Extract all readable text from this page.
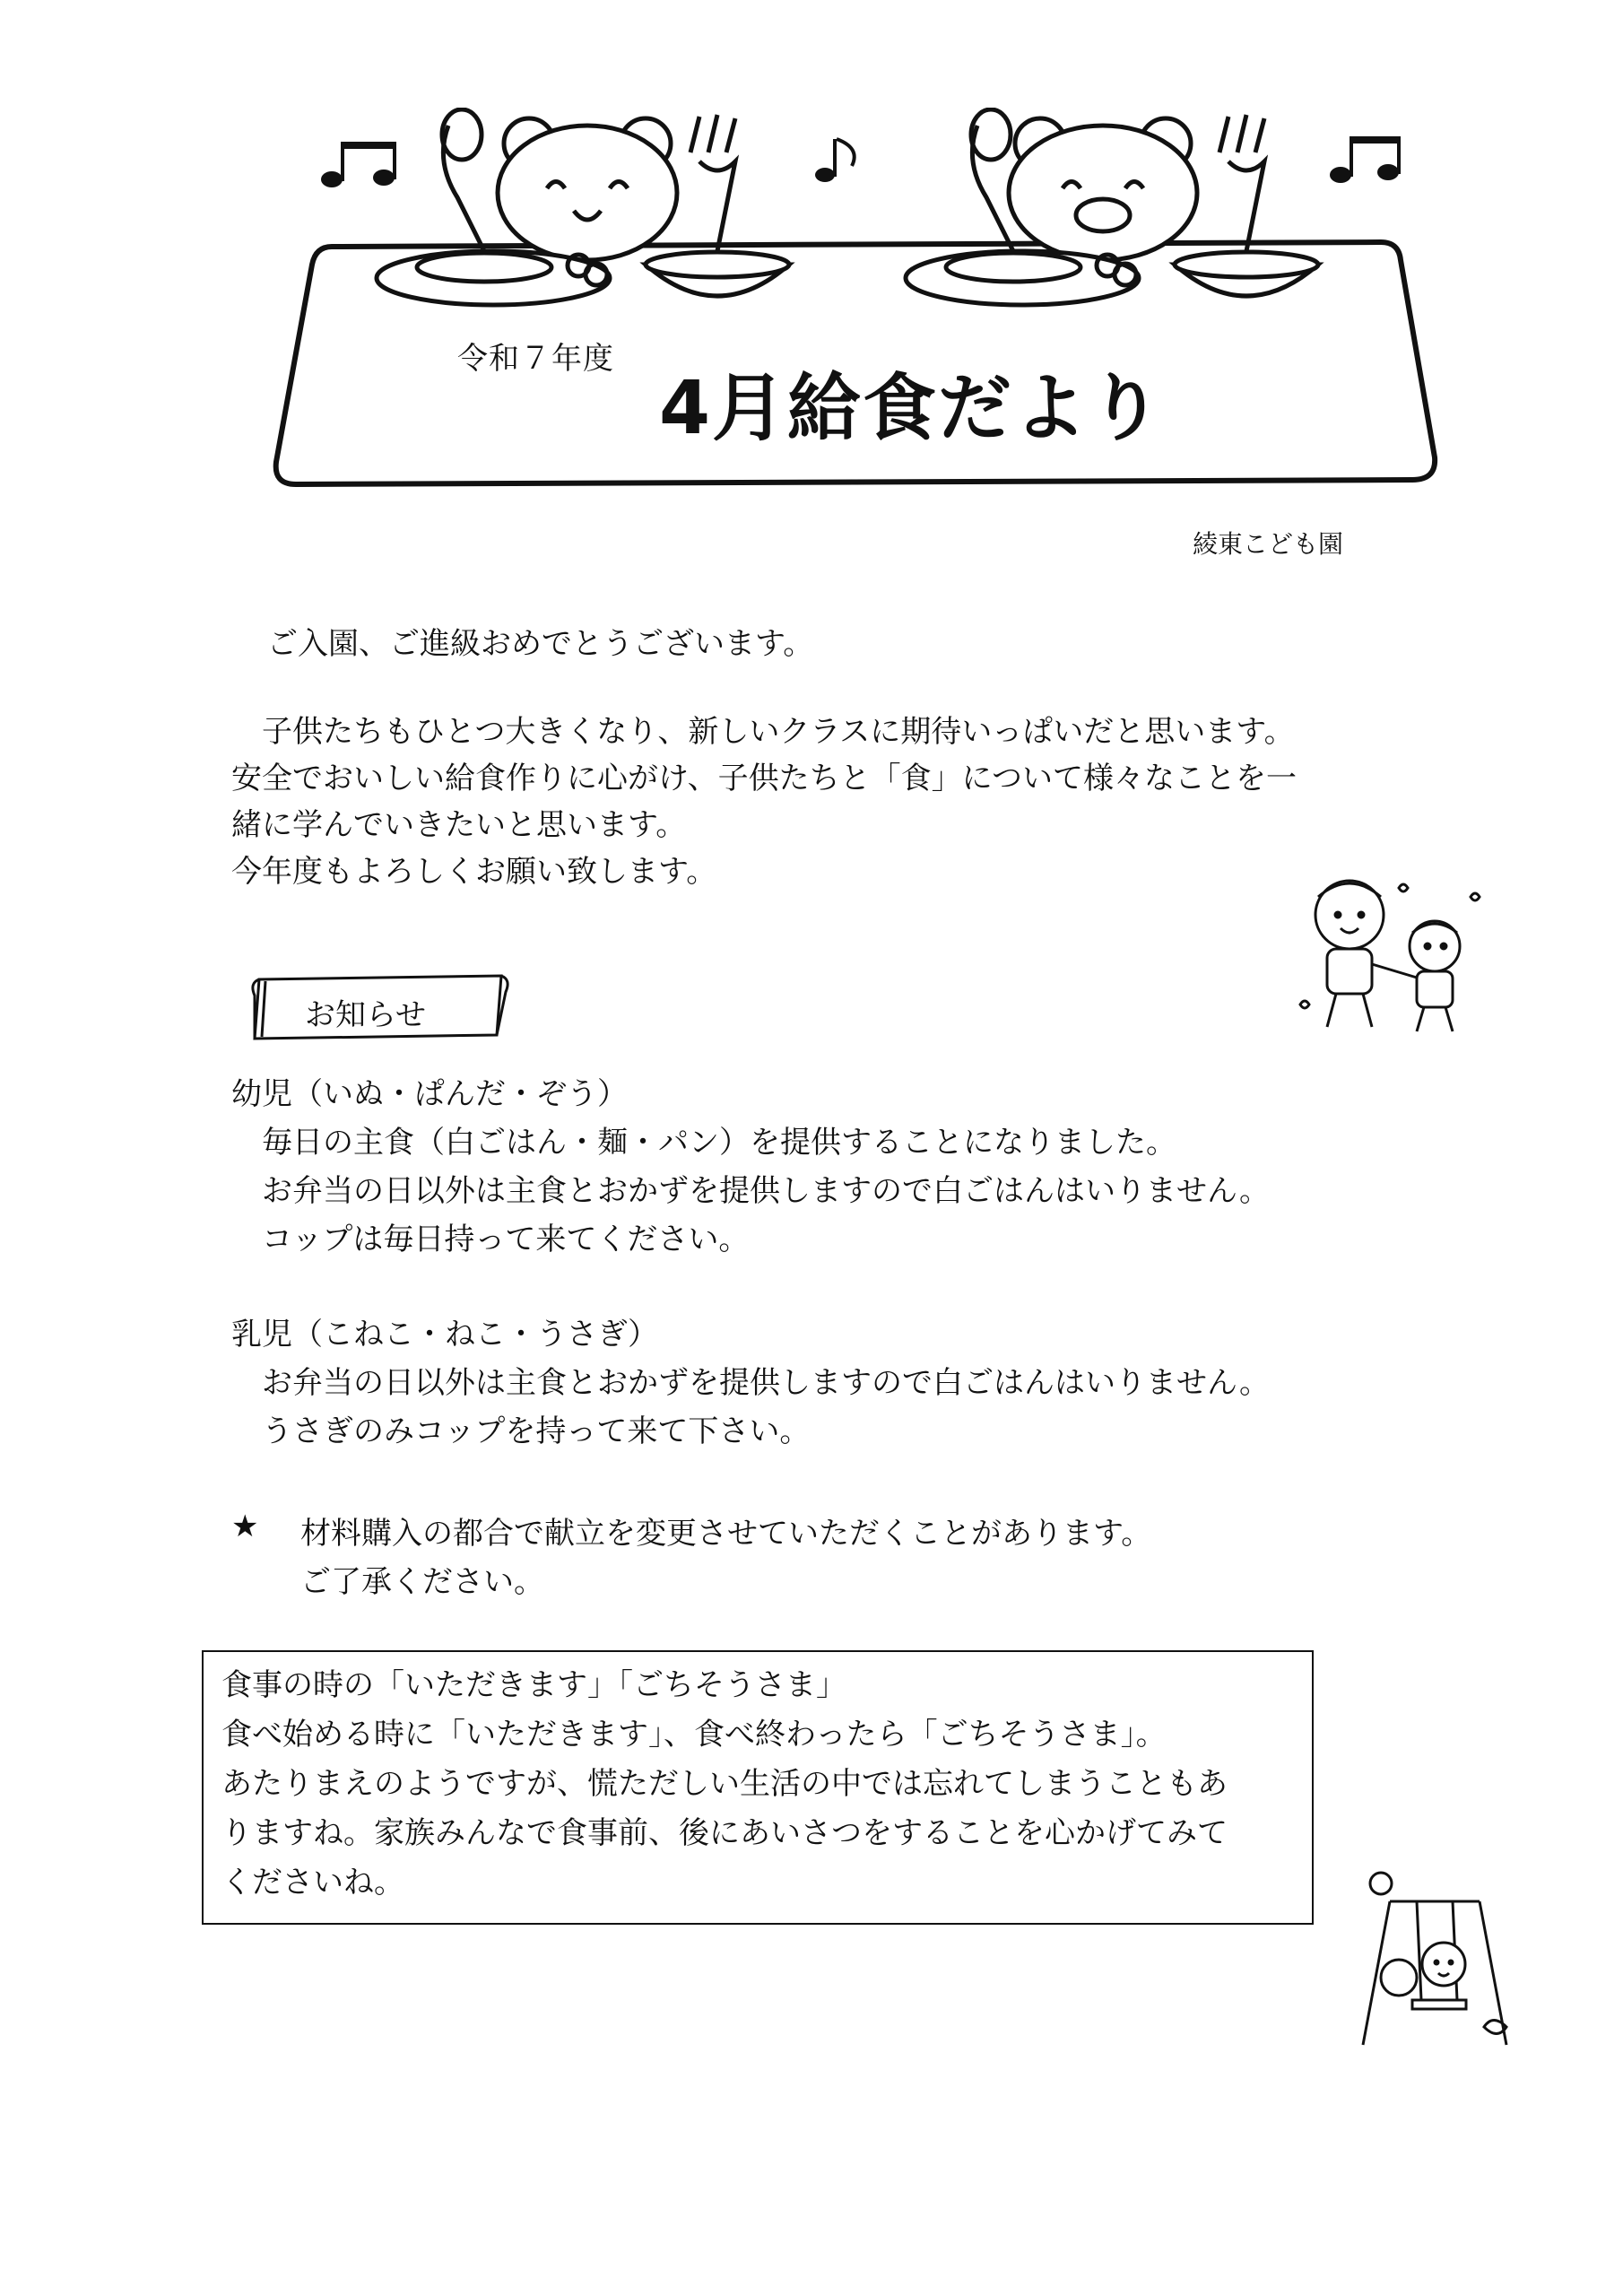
令和７年度
4月給食だより
綾東こども園
ご入園、ご進級おめでとうございます。

子供たちもひとつ大きくなり、新しいクラスに期待いっぱいだと思います。

安全でおいしい給食作りに心がけ、子供たちと「食」について様々なことを一

緒に学んでいきたいと思います。

今年度もよろしくお願い致します。

お知らせ
幼児（いぬ・ぱんだ・ぞう）
毎日の主食（白ごはん・麺・パン）を提供することになりました。
お弁当の日以外は主食とおかずを提供しますので白ごはんはいりません。
コップは毎日持って来てください。
乳児（こねこ・ねこ・うさぎ）
お弁当の日以外は主食とおかずを提供しますので白ごはんはいりません。
うさぎのみコップを持って来て下さい。
★ 材料購入の都合で献立を変更させていただくことがあります。
ご了承ください。

食事の時の「いただきます」「ごちそうさま」

食べ始める時に「いただきます」、食べ終わったら「ごちそうさま」。

あたりまえのようですが、慌ただしい生活の中では忘れてしまうこともあ

りますね。家族みんなで食事前、後にあいさつをすることを心かげてみて

くださいね。
